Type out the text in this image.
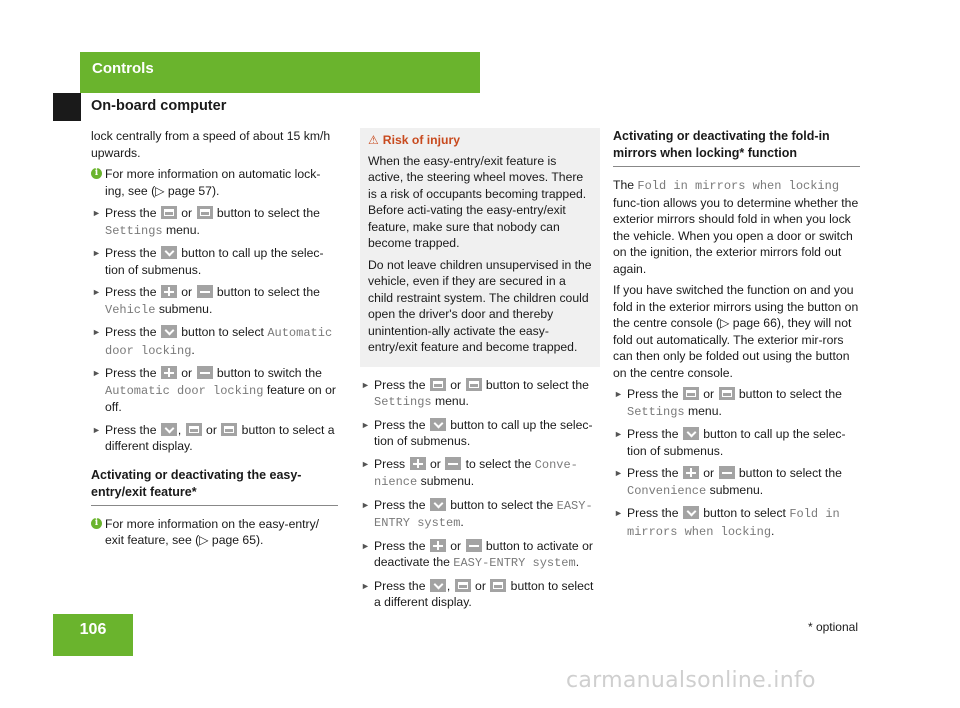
Controls
On-board computer

lock centrally from a speed of about 15 km/h upwards.

i For more information on automatic lock-ing, see (▷ page 57).
► Press the or button to select the Settings menu.
► Press the button to call up the selec-tion of submenus.
► Press the or button to select the Vehicle submenu.
► Press the button to select Automatic door locking.
► Press the or button to switch the Automatic door locking feature on or off.
► Press the ,  or button to select a different display.
Activating or deactivating the easy-entry/exit feature*
i For more information on the easy-entry/ exit feature, see (▷ page 65).
⚠ Risk of injury

When the easy-entry/exit feature is active, the steering wheel moves. There is a risk of occupants becoming trapped. Before acti-vating the easy-entry/exit feature, make sure that nobody can become trapped.

Do not leave children unsupervised in the vehicle, even if they are secured in a child restraint system. The children could open the driver's door and thereby unintention-ally activate the easy-entry/exit feature and become trapped.

► Press the or button to select the Settings menu.
► Press the button to call up the selec-tion of submenus.
► Press or to select the Conve-nience submenu.
► Press the button to select the EASY-ENTRY system.
► Press the or button to activate or deactivate the EASY-ENTRY system.
► Press the ,  or button to select a different display.
Activating or deactivating the fold-in mirrors when locking* function

The Fold in mirrors when locking func-tion allows you to determine whether the exterior mirrors should fold in when you lock the vehicle. When you open a door or switch on the ignition, the exterior mirrors fold out again.

If you have switched the function on and you fold in the exterior mirrors using the button on the centre console (▷ page 66), they will not fold out automatically. The exterior mir-rors can then only be folded out using the button on the centre console.

► Press the or button to select the Settings menu.
► Press the button to call up the selec-tion of submenus.
► Press the or button to select the Convenience submenu.
► Press the button to select Fold in mirrors when locking.
106	* optional
carmanualsonline.info
